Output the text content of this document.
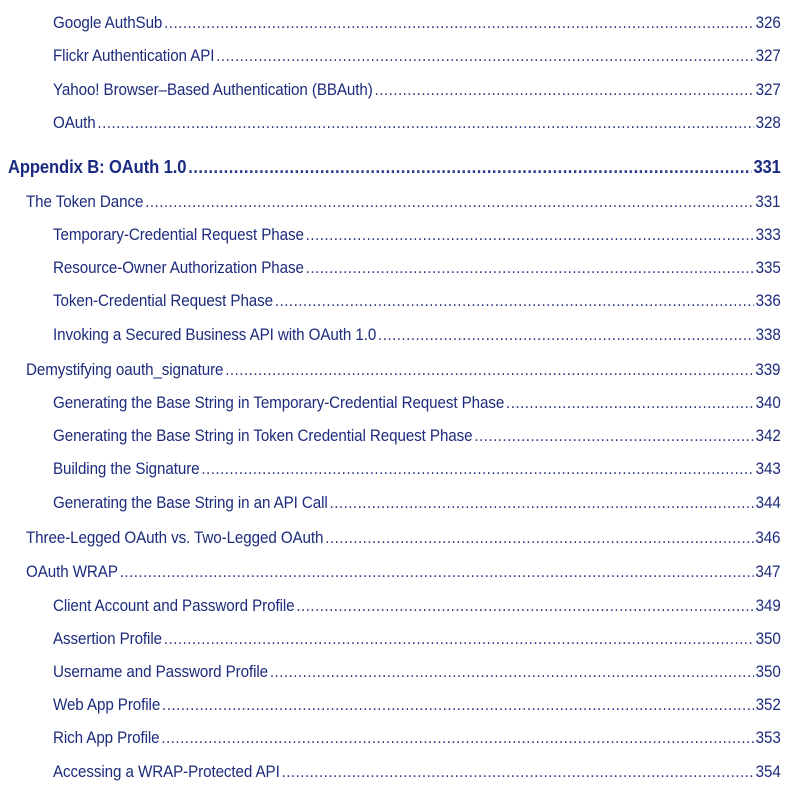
Google AuthSub .....	326
Flickr Authentication API .....	327
Yahoo! Browser–Based Authentication (BBAuth) .....	327
OAuth .....	328
Appendix B: OAuth 1.0 .....	331
The Token Dance .....	331
Temporary-Credential Request Phase .....	333
Resource-Owner Authorization Phase .....	335
Token-Credential Request Phase .....	336
Invoking a Secured Business API with OAuth 1.0 .....	338
Demystifying oauth_signature .....	339
Generating the Base String in Temporary-Credential Request Phase .....	340
Generating the Base String in Token Credential Request Phase .....	342
Building the Signature .....	343
Generating the Base String in an API Call .....	344
Three-Legged OAuth vs. Two-Legged OAuth .....	346
OAuth WRAP .....	347
Client Account and Password Profile .....	349
Assertion Profile .....	350
Username and Password Profile .....	350
Web App Profile .....	352
Rich App Profile .....	353
Accessing a WRAP-Protected API .....	354
